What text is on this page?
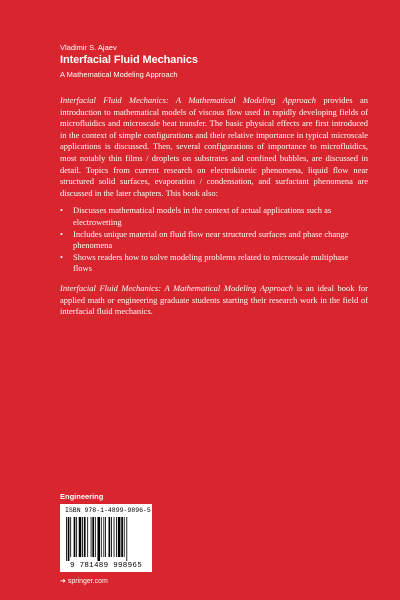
Vladimir S. Ajaev
Interfacial Fluid Mechanics
A Mathematical Modeling Approach

Interfacial Fluid Mechanics: A Mathematical Modeling Approach provides an introduction to mathematical models of viscous flow used in rapidly developing fields of microfluidics and microscale heat transfer. The basic physical effects are first introduced in the context of simple configurations and their relative importance in typical microscale applications is discussed. Then, several configurations of importance to microfluidics, most notably thin films / droplets on substrates and confined bubbles, are discussed in detail. Topics from current research on electrokinetic phenomena, liquid flow near structured solid surfaces, evaporation / condensation, and surfactant phenomena are discussed in the later chapters. This book also:

• Discusses mathematical models in the context of actual applications such as electrowetting
• Includes unique material on fluid flow near structured surfaces and phase change phenomena
• Shows readers how to solve modeling problems related to microscale multiphase flows

Interfacial Fluid Mechanics: A Mathematical Modeling Approach is an ideal book for applied math or engineering graduate students starting their research work in the field of interfacial fluid mechanics.

Engineering
ISBN 978-1-4899-9896-5
9 781489 998965
➜ springer.com
